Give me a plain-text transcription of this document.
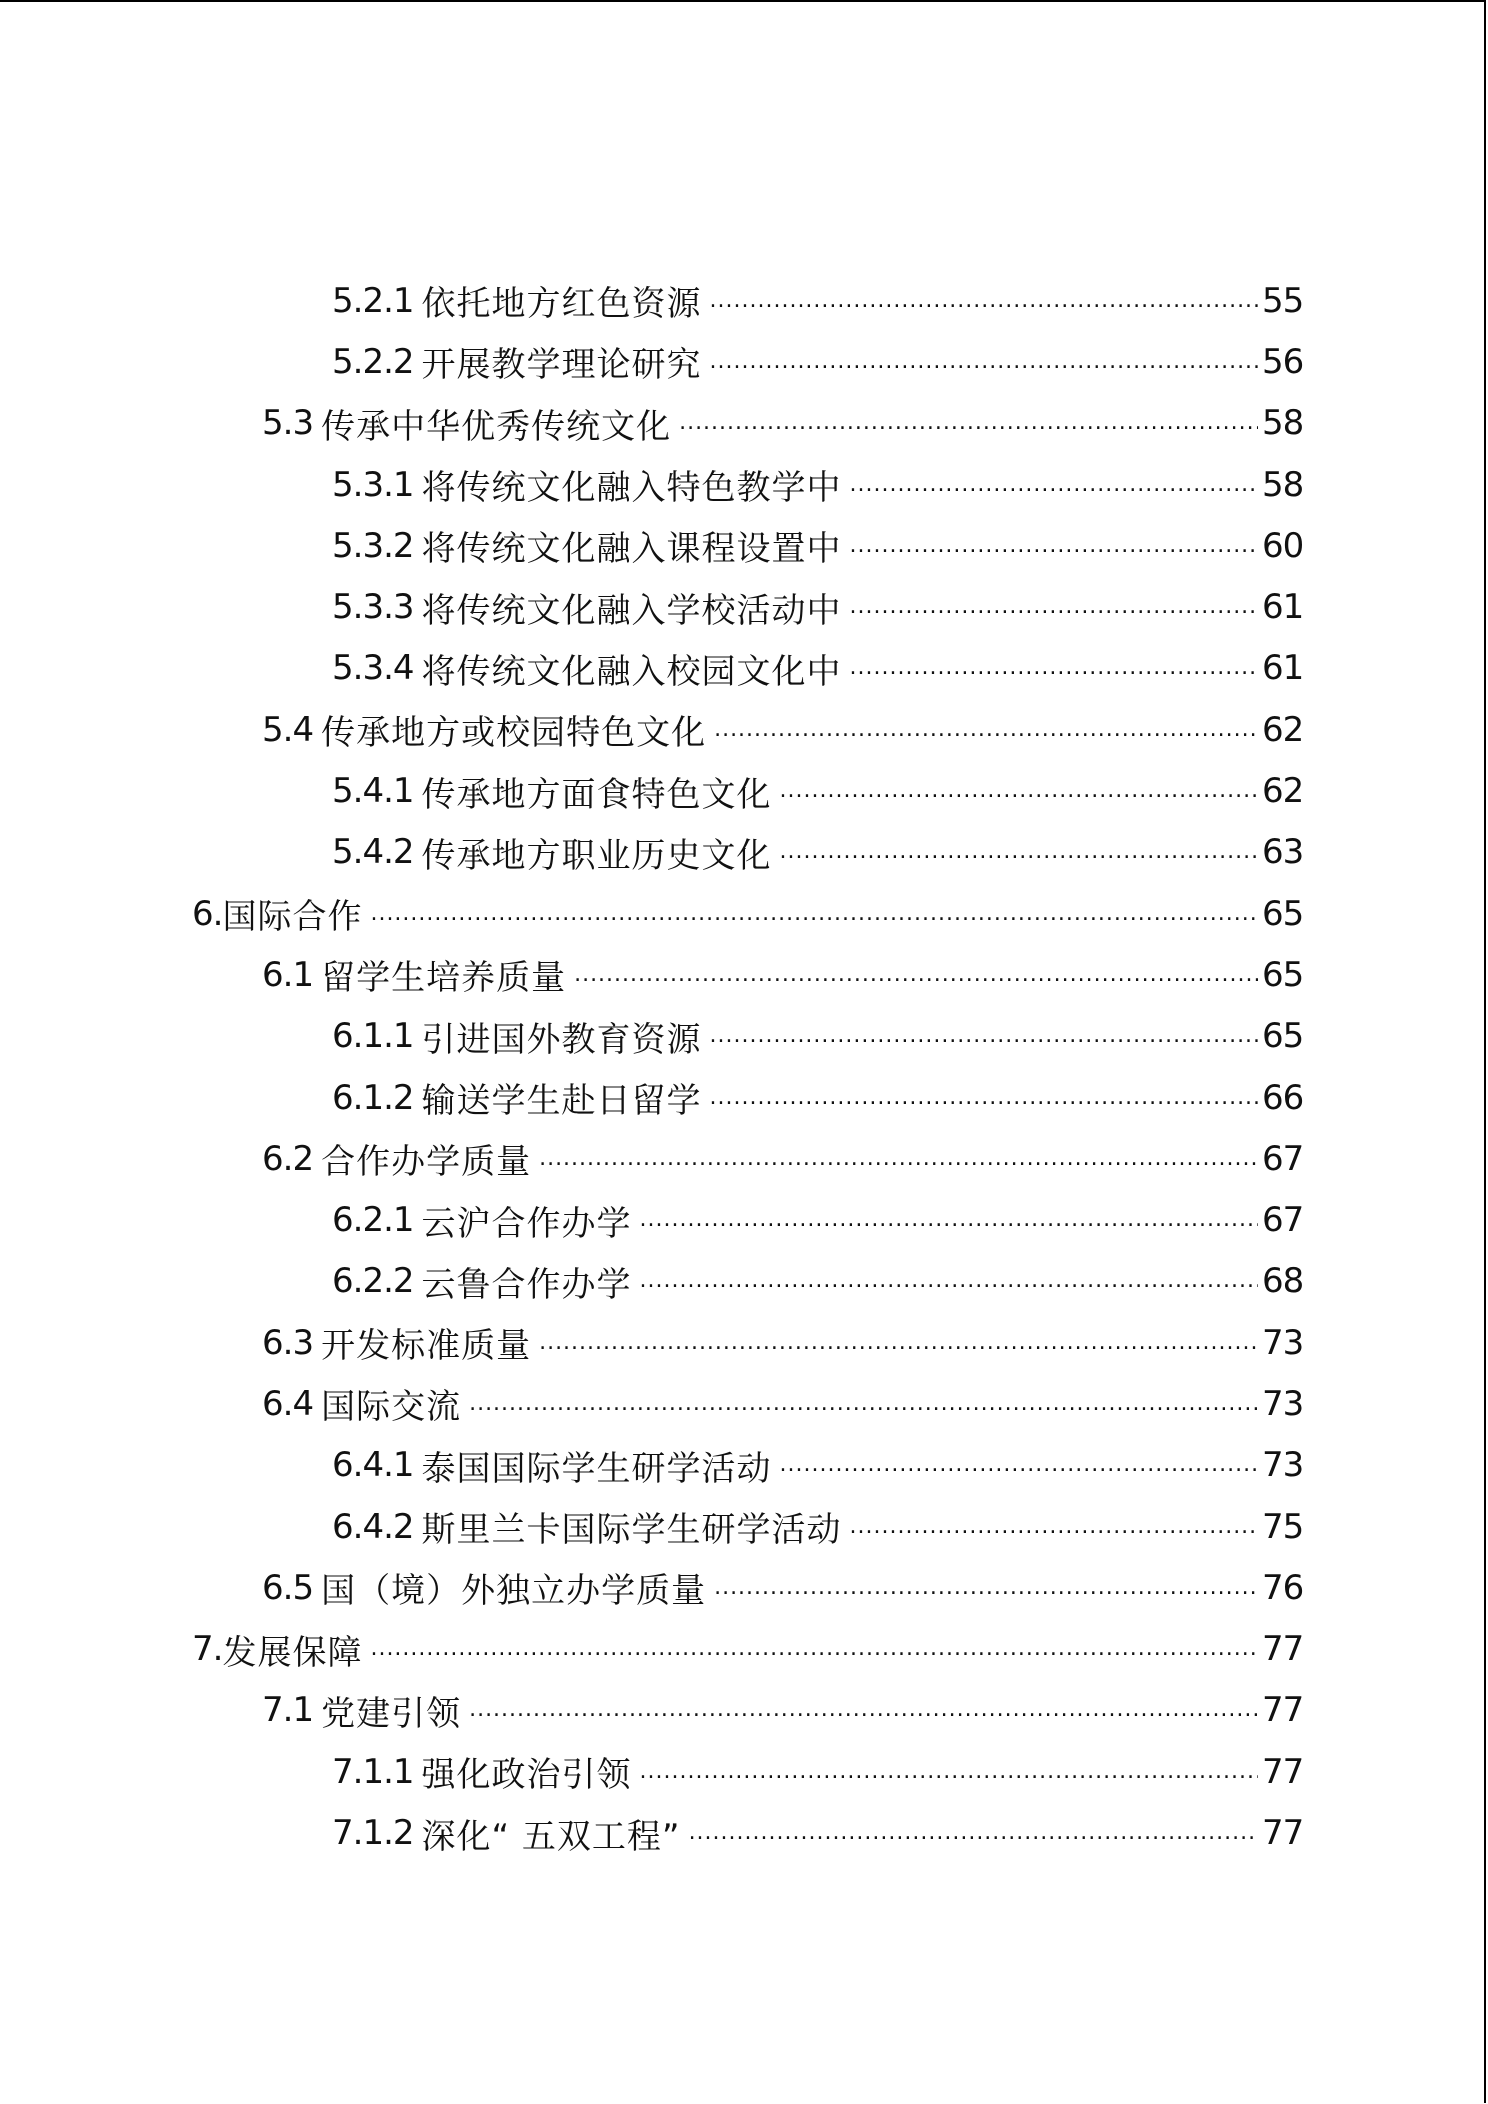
5.2.1 依托地方红色资源 .....	55
5.2.2 开展教学理论研究 .....	56
5.3 传承中华优秀传统文化 .....	58
5.3.1 将传统文化融入特色教学中 .....	58
5.3.2 将传统文化融入课程设置中 .....	60
5.3.3 将传统文化融入学校活动中 .....	61
5.3.4 将传统文化融入校园文化中 .....	61
5.4 传承地方或校园特色文化 .....	62
5.4.1 传承地方面食特色文化 .....	62
5.4.2 传承地方职业历史文化 .....	63
6. 国际合作 .....	65
6.1 留学生培养质量 .....	65
6.1.1 引进国外教育资源 .....	65
6.1.2 输送学生赴日留学 .....	66
6.2 合作办学质量 .....	67
6.2.1 云沪合作办学 .....	67
6.2.2 云鲁合作办学 .....	68
6.3 开发标准质量 .....	73
6.4 国际交流 .....	73
6.4.1 泰国国际学生研学活动 .....	73
6.4.2 斯里兰卡国际学生研学活动 .....	75
6.5 国（境）外独立办学质量 .....	76
7. 发展保障 .....	77
7.1 党建引领 .....	77
7.1.1 强化政治引领 .....	77
7.1.2 深化“ 五双工程” .....	77
